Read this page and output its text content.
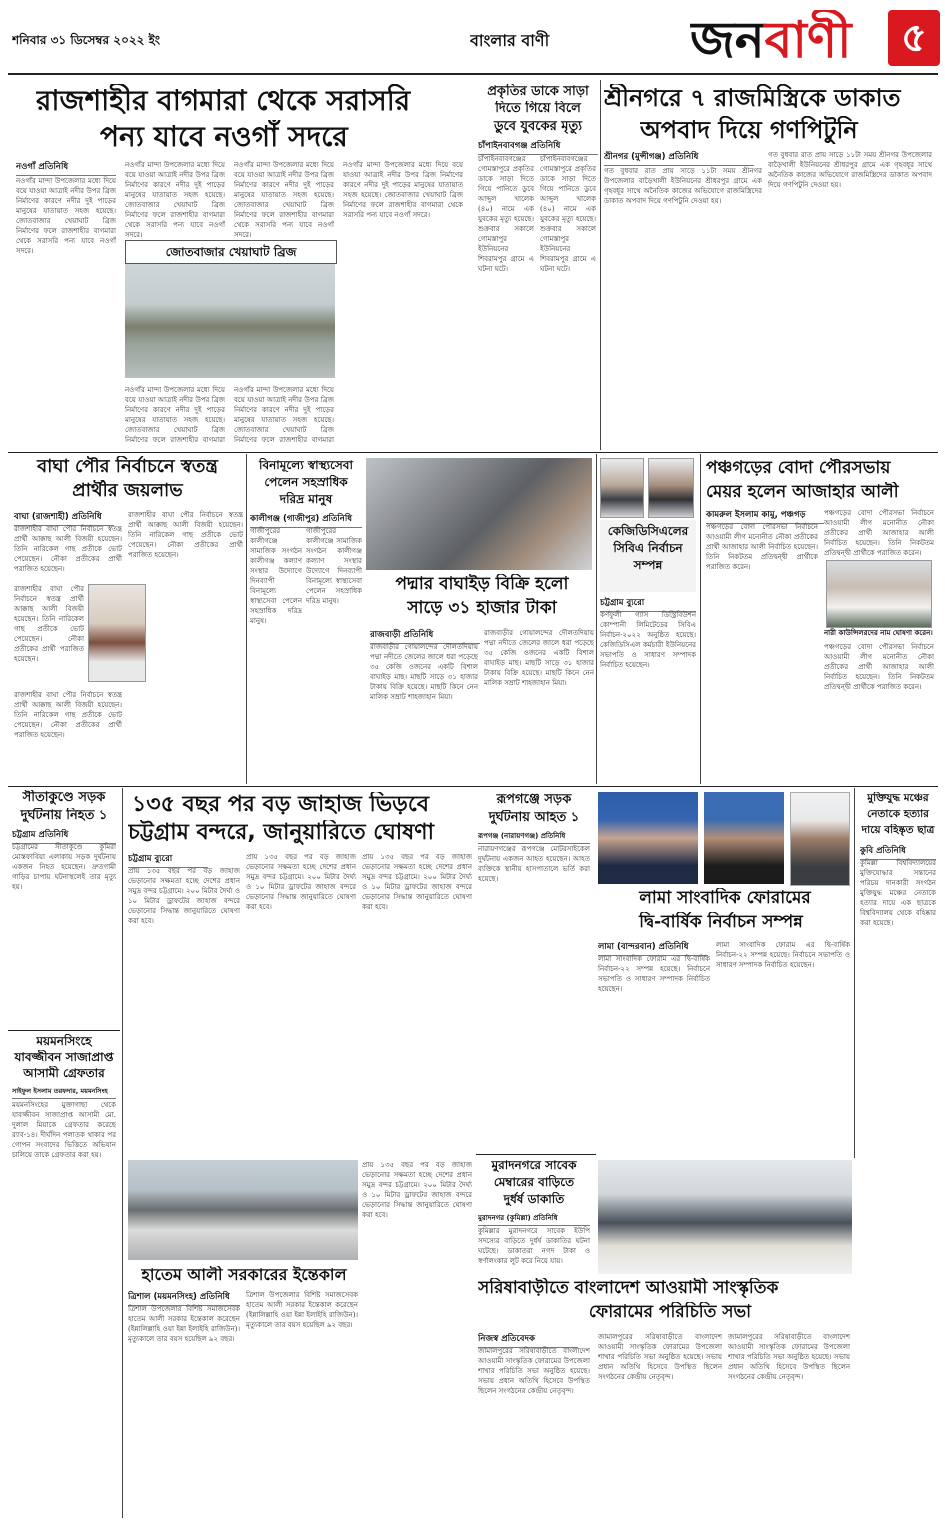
শনিবার ৩১ ডিসেম্বর ২০২২ ইং	বাংলার বাণী	জনবাণী	৫
রাজশাহীর বাগমারা থেকে সরাসরি
পন্য যাবে নওগাঁ সদরে
নওগাঁ প্রতিনিধি
নওগাঁর মান্দা উপজেলার মধ্যে দিয়ে বয়ে যাওয়া আত্রাই নদীর উপর ব্রিজ নির্মাণের কারণে নদীর দুই পাড়ের মানুষের যাতায়াত সহজ হয়েছে। জোতবাজার খেয়াঘাট ব্রিজ নির্মাণের ফলে রাজশাহীর বাগমারা থেকে সরাসরি পন্য যাবে নওগাঁ সদরে।
নওগাঁর মান্দা উপজেলার মধ্যে দিয়ে বয়ে যাওয়া আত্রাই নদীর উপর ব্রিজ নির্মাণের কারণে নদীর দুই পাড়ের মানুষের যাতায়াত সহজ হয়েছে। জোতবাজার খেয়াঘাট ব্রিজ নির্মাণের ফলে রাজশাহীর বাগমারা থেকে সরাসরি পন্য যাবে নওগাঁ সদরে।
নওগাঁর মান্দা উপজেলার মধ্যে দিয়ে বয়ে যাওয়া আত্রাই নদীর উপর ব্রিজ নির্মাণের কারণে নদীর দুই পাড়ের মানুষের যাতায়াত সহজ হয়েছে। জোতবাজার খেয়াঘাট ব্রিজ নির্মাণের ফলে রাজশাহীর বাগমারা থেকে সরাসরি পন্য যাবে নওগাঁ সদরে।
নওগাঁর মান্দা উপজেলার মধ্যে দিয়ে বয়ে যাওয়া আত্রাই নদীর উপর ব্রিজ নির্মাণের কারণে নদীর দুই পাড়ের মানুষের যাতায়াত সহজ হয়েছে। জোতবাজার খেয়াঘাট ব্রিজ নির্মাণের ফলে রাজশাহীর বাগমারা থেকে সরাসরি পন্য যাবে নওগাঁ সদরে।
জোতবাজার খেয়াঘাট ব্রিজ
নওগাঁর মান্দা উপজেলার মধ্যে দিয়ে বয়ে যাওয়া আত্রাই নদীর উপর ব্রিজ নির্মাণের কারণে নদীর দুই পাড়ের মানুষের যাতায়াত সহজ হয়েছে। জোতবাজার খেয়াঘাট ব্রিজ নির্মাণের ফলে রাজশাহীর বাগমারা
নওগাঁর মান্দা উপজেলার মধ্যে দিয়ে বয়ে যাওয়া আত্রাই নদীর উপর ব্রিজ নির্মাণের কারণে নদীর দুই পাড়ের মানুষের যাতায়াত সহজ হয়েছে। জোতবাজার খেয়াঘাট ব্রিজ নির্মাণের ফলে রাজশাহীর বাগমারা
প্রকৃতির ডাকে সাড়া
দিতে গিয়ে বিলে
ডুবে যুবকের মৃত্যু
চাঁপাইনবাবগঞ্জ প্রতিনিধি
চাঁপাইনবাবগঞ্জের গোমস্তাপুরে প্রকৃতির ডাকে সাড়া দিতে গিয়ে পানিতে ডুবে আব্দুল খালেক (৪০) নামে এক যুবকের মৃত্যু হয়েছে। শুক্রবার সকালে গোমস্তাপুর ইউনিয়নের শিবরামপুর গ্রামে এ ঘটনা ঘটে।
চাঁপাইনবাবগঞ্জের গোমস্তাপুরে প্রকৃতির ডাকে সাড়া দিতে গিয়ে পানিতে ডুবে আব্দুল খালেক (৪০) নামে এক যুবকের মৃত্যু হয়েছে। শুক্রবার সকালে গোমস্তাপুর ইউনিয়নের শিবরামপুর গ্রামে এ ঘটনা ঘটে।
শ্রীনগরে ৭ রাজমিস্ত্রিকে ডাকাত
অপবাদ দিয়ে গণপিটুনি
শ্রীনগর (মুন্সীগঞ্জ) প্রতিনিধি
গত বুধবার রাত প্রায় সাড়ে ১১টা সময় শ্রীনগর উপজেলার বাড়ৈখালী ইউনিয়নের শ্রীধরপুর গ্রামে এক গৃহবধূর সাথে অনৈতিক কাজের অভিযোগে রাজমিস্ত্রিদের ডাকাত অপবাদ দিয়ে গণপিটুনি দেওয়া হয়।
গত বুধবার রাত প্রায় সাড়ে ১১টা সময় শ্রীনগর উপজেলার বাড়ৈখালী ইউনিয়নের শ্রীধরপুর গ্রামে এক গৃহবধূর সাথে অনৈতিক কাজের অভিযোগে রাজমিস্ত্রিদের ডাকাত অপবাদ দিয়ে গণপিটুনি দেওয়া হয়।
বাঘা পৌর নির্বাচনে স্বতন্ত্র
প্রার্থীর জয়লাভ
বাঘা (রাজশাহী) প্রতিনিধি
রাজশাহীর বাঘা পৌর নির্বাচনে স্বতন্ত্র প্রার্থী আক্কাছ আলী বিজয়ী হয়েছেন। তিনি নারিকেল গাছ প্রতীকে ভোট পেয়েছেন। নৌকা প্রতীকের প্রার্থী পরাজিত হয়েছেন।
রাজশাহীর বাঘা পৌর নির্বাচনে স্বতন্ত্র প্রার্থী আক্কাছ আলী বিজয়ী হয়েছেন। তিনি নারিকেল গাছ প্রতীকে ভোট পেয়েছেন। নৌকা প্রতীকের প্রার্থী পরাজিত হয়েছেন।
রাজশাহীর বাঘা পৌর নির্বাচনে স্বতন্ত্র প্রার্থী আক্কাছ আলী বিজয়ী হয়েছেন। তিনি নারিকেল গাছ প্রতীকে ভোট পেয়েছেন। নৌকা প্রতীকের প্রার্থী পরাজিত হয়েছেন।
রাজশাহীর বাঘা পৌর নির্বাচনে স্বতন্ত্র প্রার্থী আক্কাছ আলী বিজয়ী হয়েছেন। তিনি নারিকেল গাছ প্রতীকে ভোট পেয়েছেন। নৌকা প্রতীকের প্রার্থী পরাজিত হয়েছেন।
বিনামূল্যে স্বাস্থ্যসেবা
পেলেন সহস্রাধিক
দরিদ্র মানুষ
কালীগঞ্জ (গাজীপুর) প্রতিনিধি
গাজীপুরের কালীগঞ্জে সামাজিক সংগঠন কালীগঞ্জ কল্যাণ সংস্থার উদ্যোগে দিনব্যাপী বিনামূল্যে স্বাস্থ্যসেবা পেলেন সহস্রাধিক দরিদ্র মানুষ।
গাজীপুরের কালীগঞ্জে সামাজিক সংগঠন কালীগঞ্জ কল্যাণ সংস্থার উদ্যোগে দিনব্যাপী বিনামূল্যে স্বাস্থ্যসেবা পেলেন সহস্রাধিক দরিদ্র মানুষ।
পদ্মার বাঘাইড় বিক্রি হলো
সাড়ে ৩১ হাজার টাকা
রাজবাড়ী প্রতিনিধি
রাজবাড়ীর গোয়ালন্দের দৌলতদিয়ায় পদ্মা নদীতে জেলের জালে ধরা পড়েছে ৩৫ কেজি ওজনের একটি বিশাল বাঘাইড় মাছ। মাছটি সাড়ে ৩১ হাজার টাকায় বিক্রি হয়েছে। মাছটি কিনে নেন মালিক সম্রাট শাহজাহান মিয়া।
রাজবাড়ীর গোয়ালন্দের দৌলতদিয়ায় পদ্মা নদীতে জেলের জালে ধরা পড়েছে ৩৫ কেজি ওজনের একটি বিশাল বাঘাইড় মাছ। মাছটি সাড়ে ৩১ হাজার টাকায় বিক্রি হয়েছে। মাছটি কিনে নেন মালিক সম্রাট শাহজাহান মিয়া।
কেজিডিসিএলের
সিবিএ নির্বাচন
সম্পন্ন
চট্টগ্রাম ব্যুরো
কর্ণফুলী গ্যাস ডিস্ট্রিবিউশন কোম্পানী লিমিটেডের সিবিএ নির্বাচন-২০২২ অনুষ্ঠিত হয়েছে। কেজিডিসিএল কর্মচারী ইউনিয়নের সভাপতি ও সাধারণ সম্পাদক নির্বাচিত হয়েছেন।
পঞ্চগড়ের বোদা পৌরসভায়
মেয়র হলেন আজাহার আলী
কামরুল ইসলাম কামু, পঞ্চগড়
পঞ্চগড়ের বোদা পৌরসভা নির্বাচনে আওয়ামী লীগ মনোনীত নৌকা প্রতীকের প্রার্থী আজাহার আলী নির্বাচিত হয়েছেন। তিনি নিকটতম প্রতিদ্বন্দ্বী প্রার্থীকে পরাজিত করেন।
পঞ্চগড়ের বোদা পৌরসভা নির্বাচনে আওয়ামী লীগ মনোনীত নৌকা প্রতীকের প্রার্থী আজাহার আলী নির্বাচিত হয়েছেন। তিনি নিকটতম প্রতিদ্বন্দ্বী প্রার্থীকে পরাজিত করেন।
নারী কাউন্সিলরদের নাম ঘোষণা করেন।
পঞ্চগড়ের বোদা পৌরসভা নির্বাচনে আওয়ামী লীগ মনোনীত নৌকা প্রতীকের প্রার্থী আজাহার আলী নির্বাচিত হয়েছেন। তিনি নিকটতম প্রতিদ্বন্দ্বী প্রার্থীকে পরাজিত করেন।
সীতাকুণ্ডে সড়ক
দুর্ঘটনায় নিহত ১
চট্টগ্রাম প্রতিনিধি
চট্টগ্রামের সীতাকুণ্ডে কুমিরা মোস্তফাবিয়া এলাকায় সড়ক দুর্ঘটনায় একজন নিহত হয়েছেন। দ্রুতগামী গাড়ির চাপায় ঘটনাস্থলেই তার মৃত্যু হয়।
ময়মনসিংহে
যাবজ্জীবন সাজাপ্রাপ্ত
আসামী গ্রেফতার
সাইফুল ইসলাম তরফদার, ময়মনসিংহ
ময়মনসিংহের মুক্তাগাছা থেকে যাবজ্জীবন সাজাপ্রাপ্ত আসামী মো. দুলাল মিয়াকে গ্রেফতার করেছে র‌্যাব-১৪। দীর্ঘদিন পলাতক থাকার পর গোপন সংবাদের ভিত্তিতে অভিযান চালিয়ে তাকে গ্রেফতার করা হয়।
১৩৫ বছর পর বড় জাহাজ ভিড়বে
চট্টগ্রাম বন্দরে, জানুয়ারিতে ঘোষণা
চট্টগ্রাম ব্যুরো
প্রায় ১৩৫ বছর পর বড় জাহাজ ভেড়ানোর সক্ষমতা হচ্ছে দেশের প্রধান সমুদ্র বন্দর চট্টগ্রামে। ২০০ মিটার দৈর্ঘ্য ও ১০ মিটার ড্রাফটের জাহাজ বন্দরে ভেড়ানোর সিদ্ধান্ত জানুয়ারিতে ঘোষণা করা হবে।
প্রায় ১৩৫ বছর পর বড় জাহাজ ভেড়ানোর সক্ষমতা হচ্ছে দেশের প্রধান সমুদ্র বন্দর চট্টগ্রামে। ২০০ মিটার দৈর্ঘ্য ও ১০ মিটার ড্রাফটের জাহাজ বন্দরে ভেড়ানোর সিদ্ধান্ত জানুয়ারিতে ঘোষণা করা হবে।
প্রায় ১৩৫ বছর পর বড় জাহাজ ভেড়ানোর সক্ষমতা হচ্ছে দেশের প্রধান সমুদ্র বন্দর চট্টগ্রামে। ২০০ মিটার দৈর্ঘ্য ও ১০ মিটার ড্রাফটের জাহাজ বন্দরে ভেড়ানোর সিদ্ধান্ত জানুয়ারিতে ঘোষণা করা হবে।
হাতেম আলী সরকারের ইন্তেকাল
ত্রিশাল (ময়মনসিংহ) প্রতিনিধি
ত্রিশাল উপজেলার বিশিষ্ট সমাজসেবক হাতেম আলী সরকার ইন্তেকাল করেছেন (ইন্নালিল্লাহি ওয়া ইন্না ইলাইহি রাজিউন)। মৃত্যুকালে তার বয়স হয়েছিল ৯২ বছর।
ত্রিশাল উপজেলার বিশিষ্ট সমাজসেবক হাতেম আলী সরকার ইন্তেকাল করেছেন (ইন্নালিল্লাহি ওয়া ইন্না ইলাইহি রাজিউন)। মৃত্যুকালে তার বয়স হয়েছিল ৯২ বছর।
প্রায় ১৩৫ বছর পর বড় জাহাজ ভেড়ানোর সক্ষমতা হচ্ছে দেশের প্রধান সমুদ্র বন্দর চট্টগ্রামে। ২০০ মিটার দৈর্ঘ্য ও ১০ মিটার ড্রাফটের জাহাজ বন্দরে ভেড়ানোর সিদ্ধান্ত জানুয়ারিতে ঘোষণা করা হবে।
রূপগঞ্জে সড়ক
দুর্ঘটনায় আহত ১
রূপগঞ্জ (নারায়ণগঞ্জ) প্রতিনিধি
নারায়ণগঞ্জের রূপগঞ্জে মোটরসাইকেল দুর্ঘটনায় একজন আহত হয়েছেন। আহত ব্যক্তিকে স্থানীয় হাসপাতালে ভর্তি করা হয়েছে।
লামা সাংবাদিক ফোরামের
দ্বি-বার্ষিক নির্বাচন সম্পন্ন
লামা (বান্দরবান) প্রতিনিধি
লামা সাংবাদিক ফোরাম এর দ্বি-বার্ষিক নির্বাচন-২২ সম্পন্ন হয়েছে। নির্বাচনে সভাপতি ও সাধারণ সম্পাদক নির্বাচিত হয়েছেন।
লামা সাংবাদিক ফোরাম এর দ্বি-বার্ষিক নির্বাচন-২২ সম্পন্ন হয়েছে। নির্বাচনে সভাপতি ও সাধারণ সম্পাদক নির্বাচিত হয়েছেন।
মুক্তিযুদ্ধ মঞ্চের
নেতাকে হত্যার
দায়ে বহিষ্কৃত ছাত্র
কুবি প্রতিনিধি
কুমিল্লা বিশ্ববিদ্যালয়ের মুক্তিযোদ্ধার সন্তানের পরিচয় দানকারী সংগঠন মুক্তিযুদ্ধ মঞ্চের নেতাকে হত্যার দায়ে এক ছাত্রকে বিশ্ববিদ্যালয় থেকে বহিষ্কার করা হয়েছে।
মুরাদনগরে সাবেক
মেম্বারের বাড়িতে
দুর্ধর্ষ ডাকাতি
মুরাদনগর (কুমিল্লা) প্রতিনিধি
কুমিল্লার মুরাদনগরে সাবেক ইউপি সদস্যের বাড়িতে দুর্ধর্ষ ডাকাতির ঘটনা ঘটেছে। ডাকাতরা নগদ টাকা ও স্বর্ণালংকার লুট করে নিয়ে যায়।
সরিষাবাড়ীতে বাংলাদেশ আওয়ামী সাংস্কৃতিক
ফোরামের পরিচিতি সভা
নিজস্ব প্রতিবেদক
জামালপুরের সরিষাবাড়ীতে বাংলাদেশ আওয়ামী সাংস্কৃতিক ফোরামের উপজেলা শাখার পরিচিতি সভা অনুষ্ঠিত হয়েছে। সভায় প্রধান অতিথি হিসেবে উপস্থিত ছিলেন সংগঠনের কেন্দ্রীয় নেতৃবৃন্দ।
জামালপুরের সরিষাবাড়ীতে বাংলাদেশ আওয়ামী সাংস্কৃতিক ফোরামের উপজেলা শাখার পরিচিতি সভা অনুষ্ঠিত হয়েছে। সভায় প্রধান অতিথি হিসেবে উপস্থিত ছিলেন সংগঠনের কেন্দ্রীয় নেতৃবৃন্দ।
জামালপুরের সরিষাবাড়ীতে বাংলাদেশ আওয়ামী সাংস্কৃতিক ফোরামের উপজেলা শাখার পরিচিতি সভা অনুষ্ঠিত হয়েছে। সভায় প্রধান অতিথি হিসেবে উপস্থিত ছিলেন সংগঠনের কেন্দ্রীয় নেতৃবৃন্দ।
